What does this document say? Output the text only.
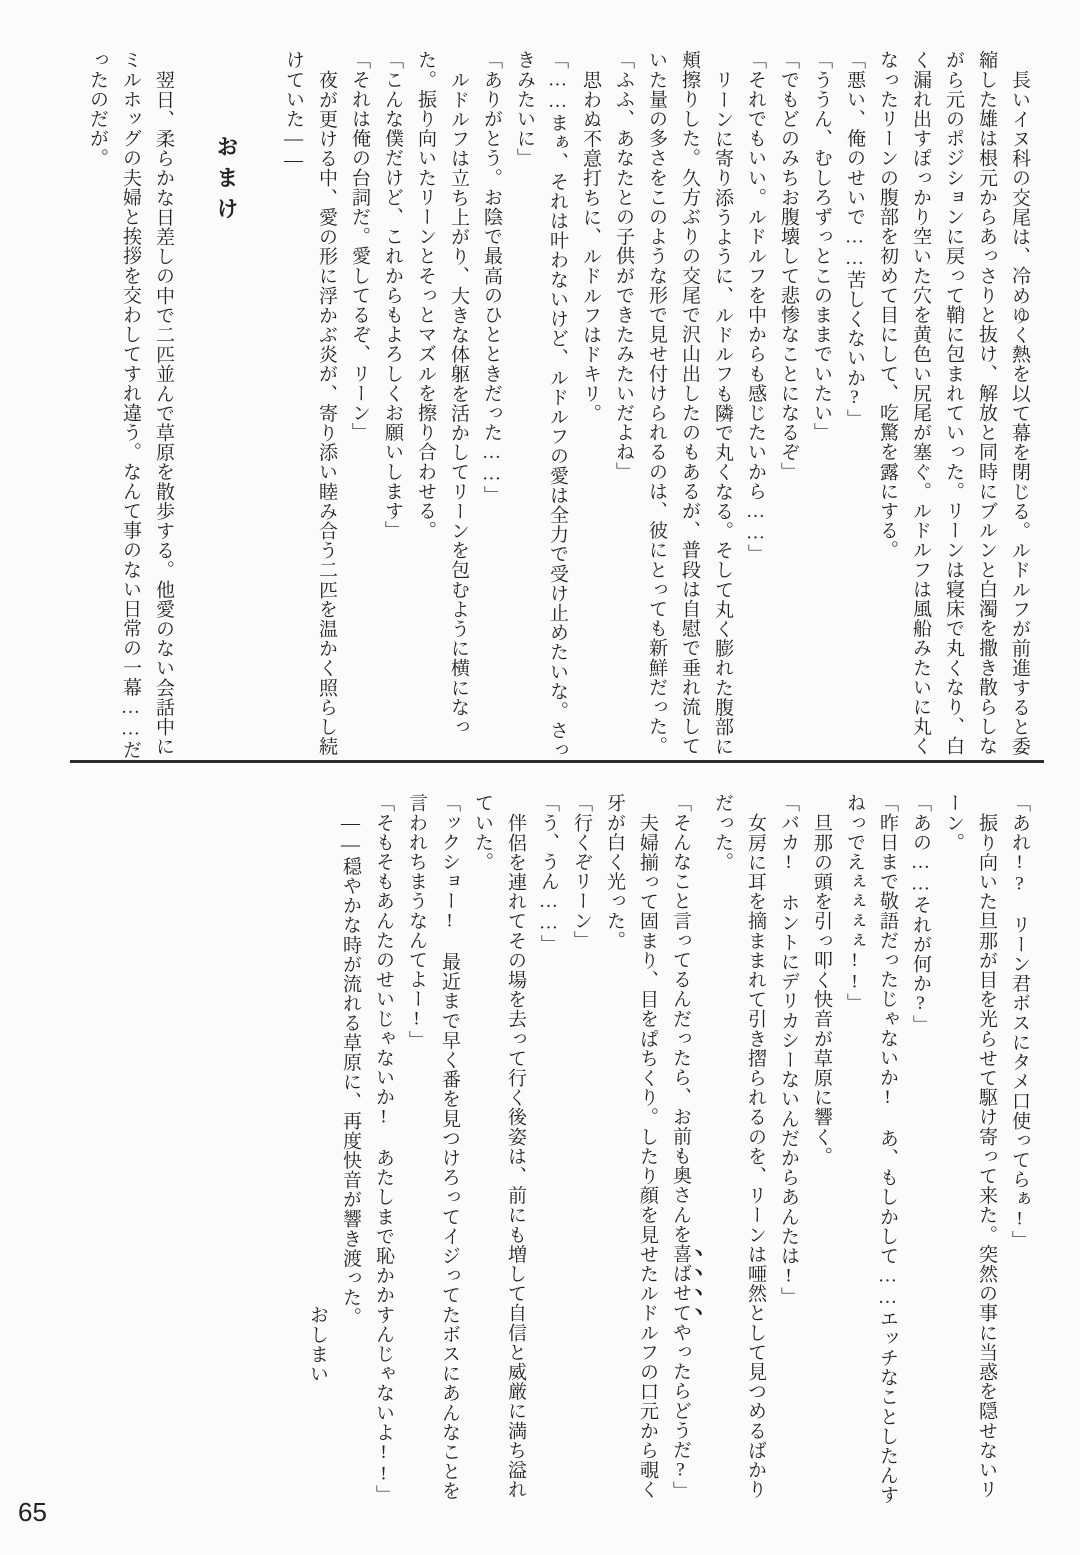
長いイヌ科の交尾は、冷めゆく熱を以て幕を閉じる。ルドルフが前進すると委縮した雄は根元からあっさりと抜け、解放と同時にブルンと白濁を撒き散らしながら元のポジションに戻って鞘に包まれていった。リーンは寝床で丸くなり、白く漏れ出すぽっかり空いた穴を黄色い尻尾が塞ぐ。ルドルフは風船みたいに丸くなったリーンの腹部を初めて目にして、吃驚を露にする。

「悪い、俺のせいで……苦しくないか?」

「ううん、むしろずっとこのままでいたい」

「でもどのみちお腹壊して悲惨なことになるぞ」

「それでもいい。ルドルフを中からも感じたいから……」

リーンに寄り添うように、ルドルフも隣で丸くなる。そして丸く膨れた腹部に頬擦りした。久方ぶりの交尾で沢山出したのもあるが、普段は自慰で垂れ流していた量の多さをこのような形で見せ付けられるのは、彼にとっても新鮮だった。

「ふふ、あなたとの子供ができたみたいだよね」

思わぬ不意打ちに、ルドルフはドキリ。

「……まぁ、それは叶わないけど、ルドルフの愛は全力で受け止めたいな。さっきみたいに」

「ありがとう。お陰で最高のひとときだった……」

ルドルフは立ち上がり、大きな体躯を活かしてリーンを包むように横になった。振り向いたリーンとそっとマズルを擦り合わせる。

「こんな僕だけど、これからもよろしくお願いします」

「それは俺の台詞だ。愛してるぞ、リーン」

夜が更ける中、愛の形に浮かぶ炎が、寄り添い睦み合う二匹を温かく照らし続けていた――

おまけ

翌日、柔らかな日差しの中で二匹並んで草原を散歩する。他愛のない会話中にミルホッグの夫婦と挨拶を交わしてすれ違う。なんて事のない日常の一幕……だったのだが。

「あれ!?　リーン君ボスにタメ口使ってらぁ!」

振り向いた旦那が目を光らせて駆け寄って来た。突然の事に当惑を隠せないリーン。

「あの……それが何か?」

「昨日まで敬語だったじゃないか!　あ、もしかして……エッチなことしたんすねっでえぇぇぇぇ!!」

旦那の頭を引っ叩く快音が草原に響く。

「バカ!　ホントにデリカシーないんだからあんたは!」

女房に耳を摘ままれて引き摺られるのを、リーンは唖然として見つめるばかりだった。

「そんなこと言ってるんだったら、お前も奥さんを喜ばせてやったらどうだ?」

夫婦揃って固まり、目をぱちくり。したり顔を見せたルドルフの口元から覗く牙が白く光った。

「行くぞリーン」

「う、うん……」

伴侶を連れてその場を去って行く後姿は、前にも増して自信と威厳に満ち溢れていた。

「ックショー!　最近まで早く番を見つけろってイジってたボスにあんなことを言われちまうなんてよー!」

「そもそもあんたのせいじゃないか!　あたしまで恥かかすんじゃないよ!!」

――穏やかな時が流れる草原に、再度快音が響き渡った。

おしまい

65
